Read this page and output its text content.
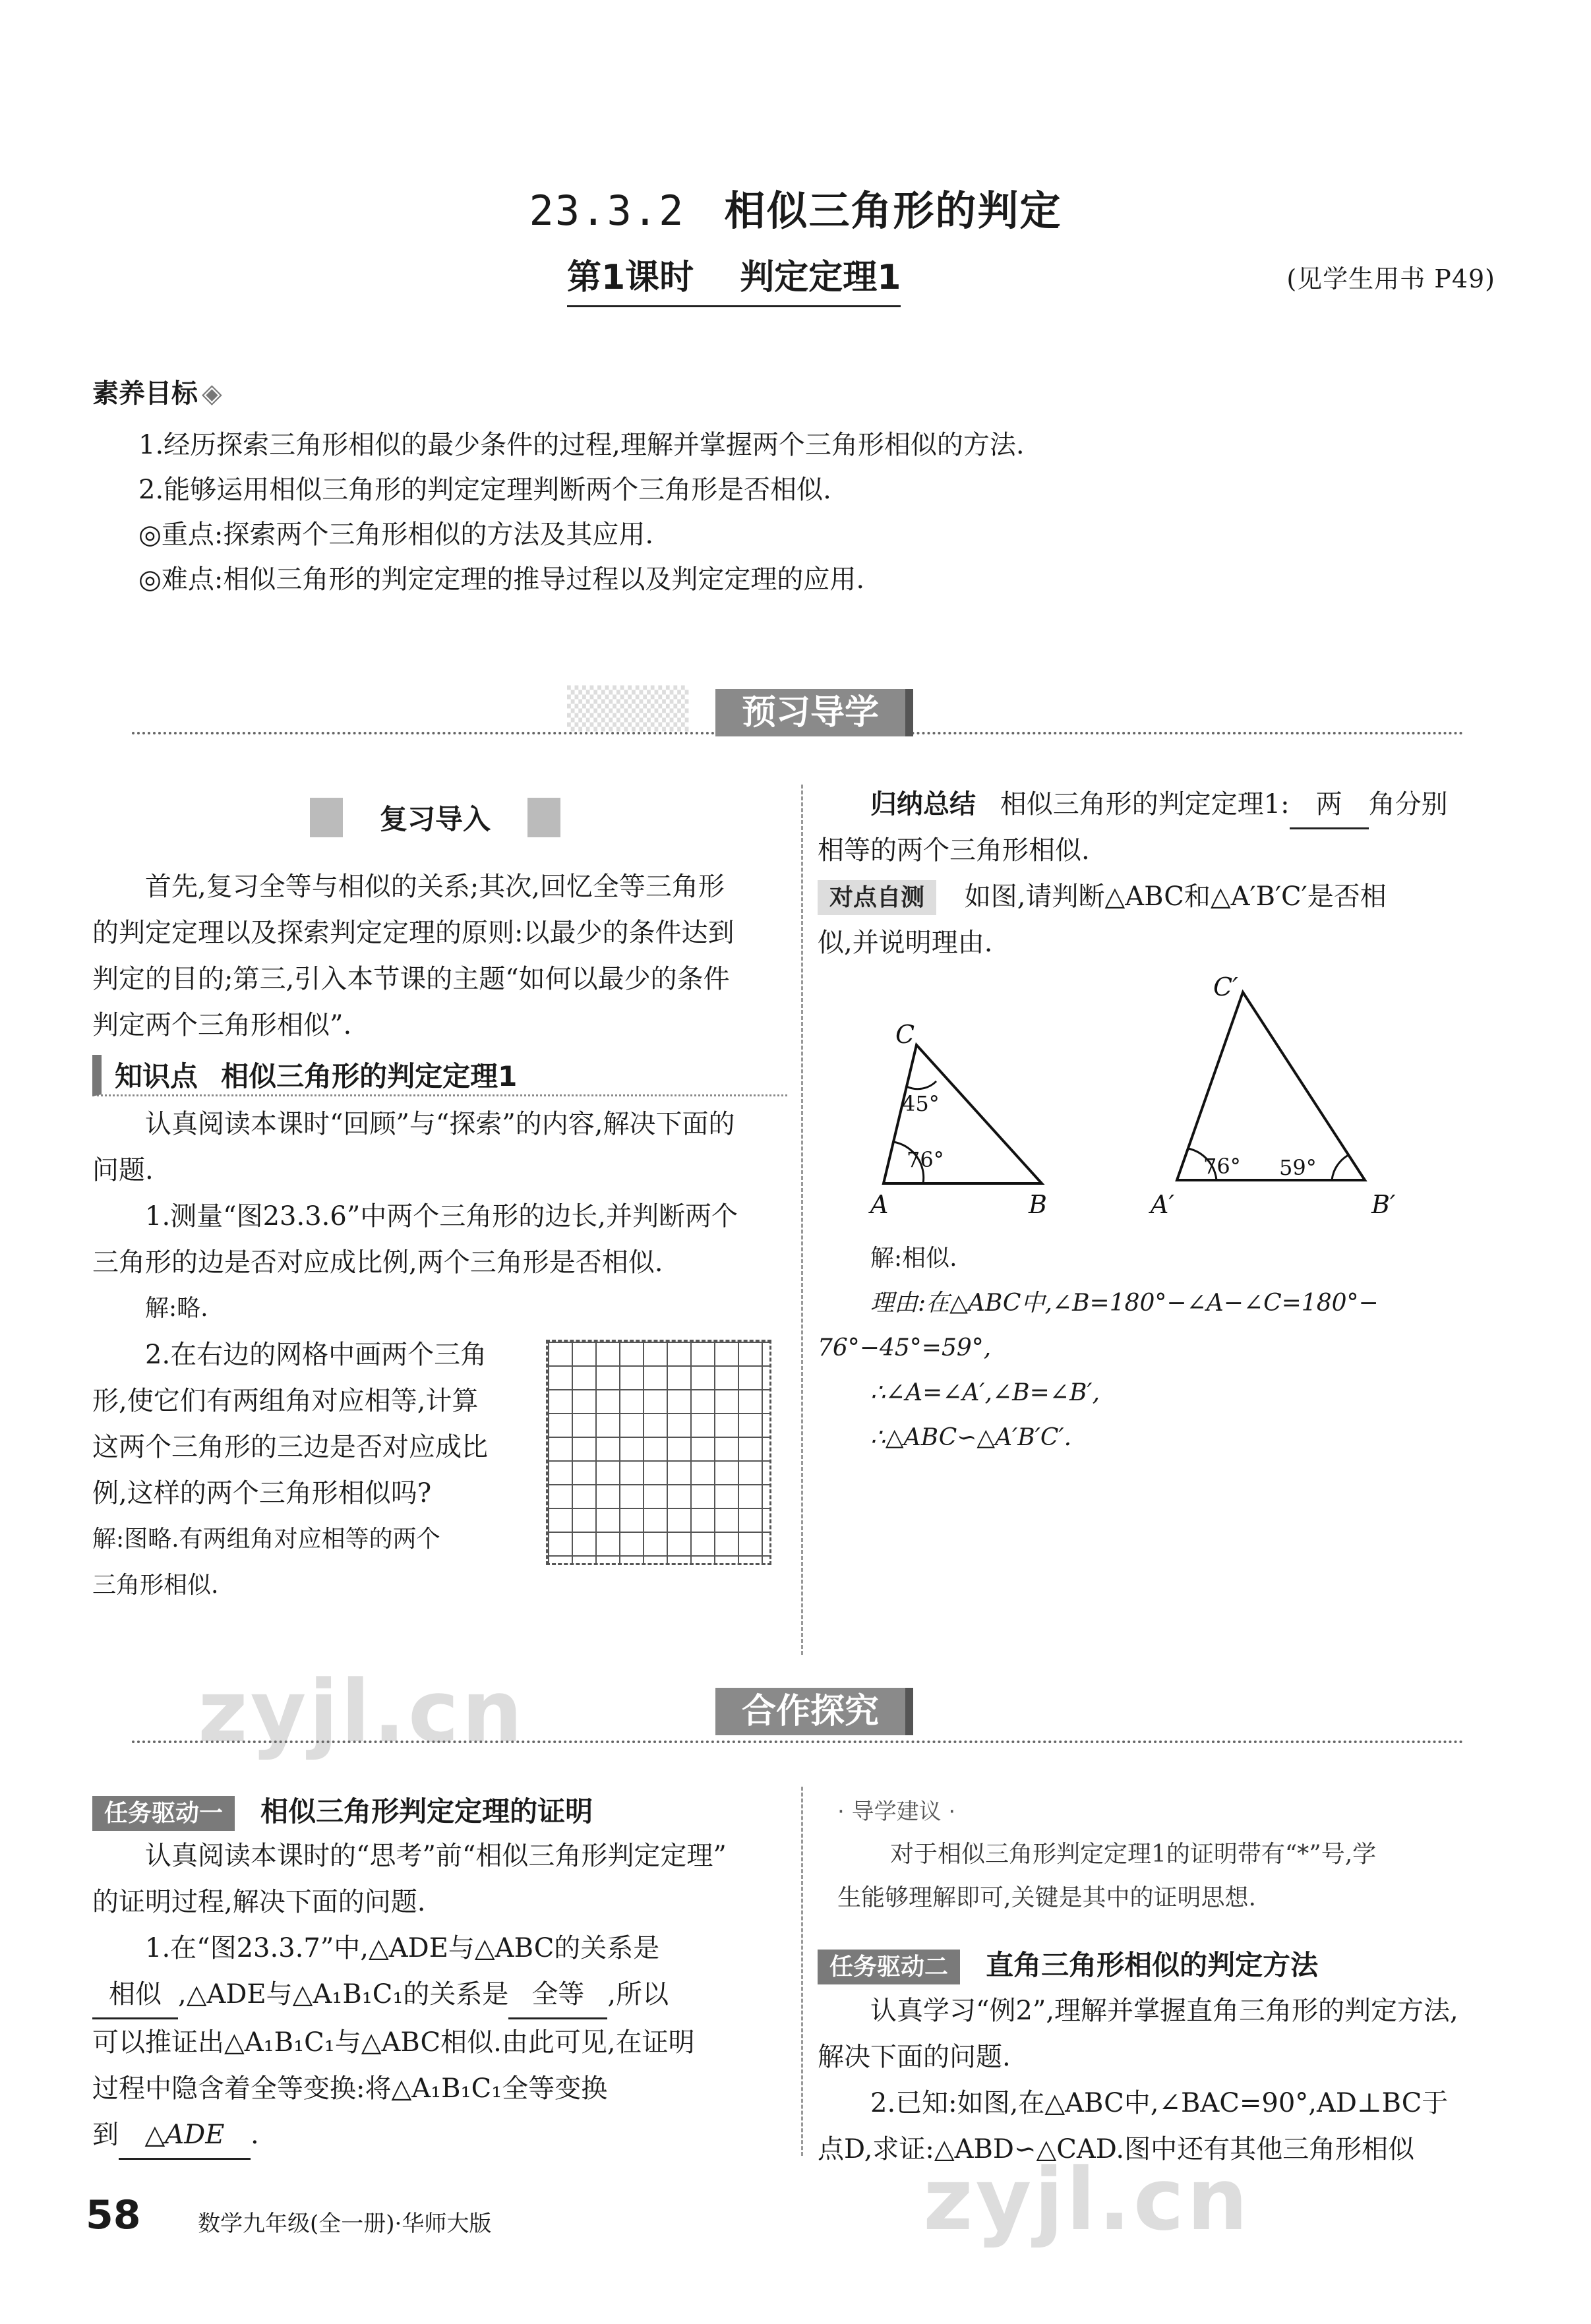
23.3.2 相似三角形的判定
第1课时 判定定理1	(见学生用书 P49)
素养目标 ◈
1.经历探索三角形相似的最少条件的过程,理解并掌握两个三角形相似的方法.
2.能够运用相似三角形的判定定理判断两个三角形是否相似.
◎重点:探索两个三角形相似的方法及其应用.
◎难点:相似三角形的判定定理的推导过程以及判定定理的应用.
▒▒▒▒	预习导学
复习导入
首先,复习全等与相似的关系;其次,回忆全等三角形
的判定定理以及探索判定定理的原则:以最少的条件达到
判定的目的;第三,引入本节课的主题“如何以最少的条件
判定两个三角形相似”.
知识点 相似三角形的判定定理1
认真阅读本课时“回顾”与“探索”的内容,解决下面的
问题.
1.测量“图23.3.6”中两个三角形的边长,并判断两个
三角形的边是否对应成比例,两个三角形是否相似.
解:略.
2.在右边的网格中画两个三角
形,使它们有两组角对应相等,计算
这两个三角形的三边是否对应成比
例,这样的两个三角形相似吗?
解:图略.有两组角对应相等的两个
三角形相似.
归纳总结 相似三角形的判定定理1: 两 角分别
相等的两个三角形相似.
对点自测 如图,请判断△ABC和△A′B′C′是否相
似,并说明理由.
C
A	B
45°
76°
C′
A′	B′
76° 59°
解:相似.
理由:在△ABC中,∠B=180°−∠A−∠C=180°−
76°−45°=59°,
∴∠A=∠A′,∠B=∠B′,
∴△ABC∽△A′B′C′.
zyjl.cn	合作探究
任务驱动一 相似三角形判定定理的证明
认真阅读本课时的“思考”前“相似三角形判定定理”
的证明过程,解决下面的问题.
1.在“图23.3.7”中,△ADE与△ABC的关系是
相似 ,△ADE与△A₁B₁C₁的关系是 全等 ,所以
可以推证出△A₁B₁C₁与△ABC相似.由此可见,在证明
过程中隐含着全等变换:将△A₁B₁C₁全等变换
到 △ADE .
· 导学建议 ·
对于相似三角形判定定理1的证明带有“*”号,学
生能够理解即可,关键是其中的证明思想.
任务驱动二 直角三角形相似的判定方法
认真学习“例2”,理解并掌握直角三角形的判定方法,
解决下面的问题.
2.已知:如图,在△ABC中,∠BAC=90°,AD⊥BC于
点D,求证:△ABD∽△CAD.图中还有其他三角形相似
58	数学九年级(全一册)·华师大版	zyjl.cn
